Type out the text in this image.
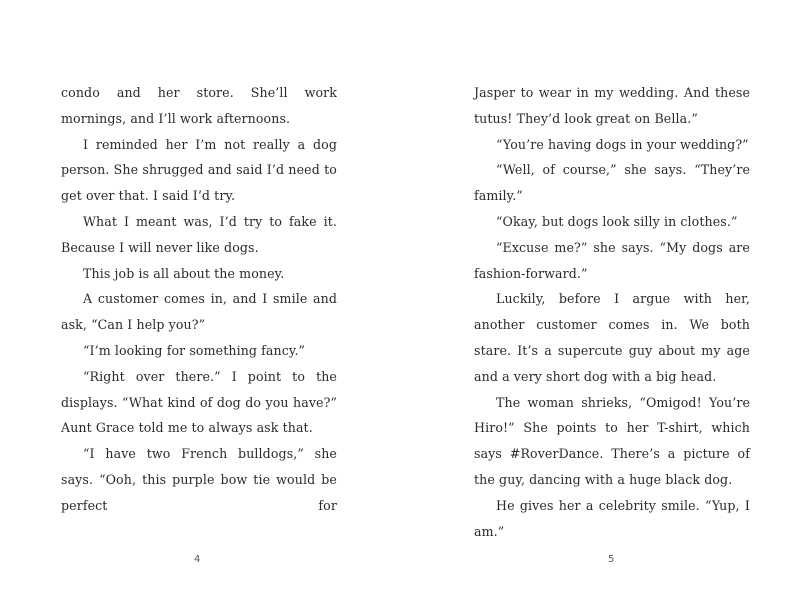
condo and her store. She’ll work mornings, and I’ll work afternoons.

I reminded her I’m not really a dog person. She shrugged and said I’d need to get over that. I said I’d try.

What I meant was, I’d try to fake it. Because I will never like dogs.

This job is all about the money.

A customer comes in, and I smile and ask, “Can I help you?”

“I’m looking for something fancy.”

“Right over there.” I point to the displays. “What kind of dog do you have?” Aunt Grace told me to always ask that.

“I have two French bulldogs,” she says. “Ooh, this purple bow tie would be perfect for

4

Jasper to wear in my wedding. And these tutus! They’d look great on Bella.”

“You’re having dogs in your wedding?”

“Well, of course,” she says. “They’re family.”

“Okay, but dogs look silly in clothes.”

“Excuse me?” she says. “My dogs are fashion-forward.”

Luckily, before I argue with her, another customer comes in. We both stare. It’s a supercute guy about my age and a very short dog with a big head.

The woman shrieks, “Omigod! You’re Hiro!” She points to her T-shirt, which says #RoverDance. There’s a picture of the guy, dancing with a huge black dog.

He gives her a celebrity smile. “Yup, I am.”

5
